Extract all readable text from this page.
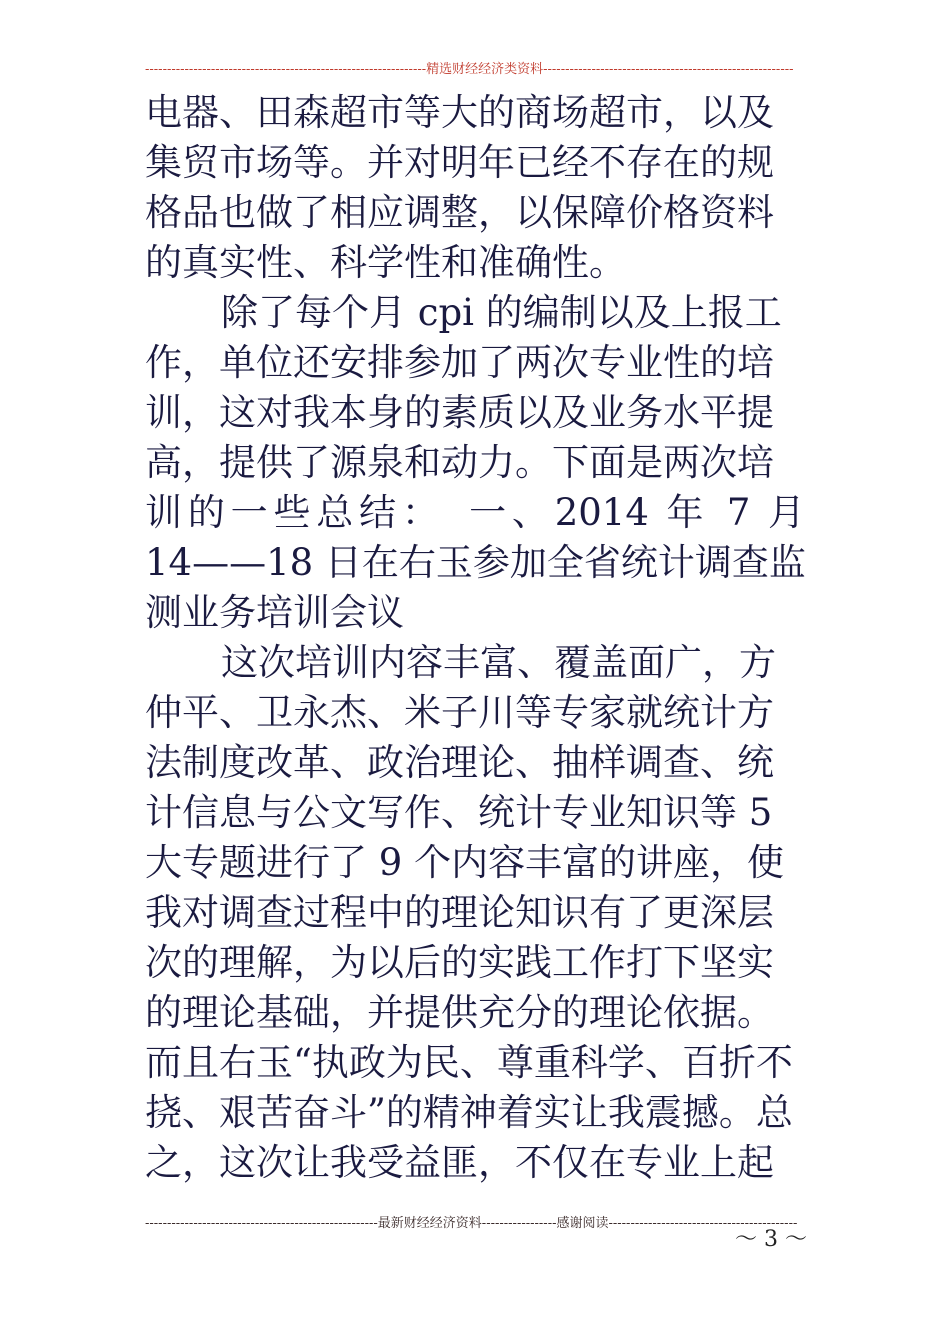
----------------------------------------------------------------精选财经经济类资料---------------------------------------------------------
电器、田森超市等大的商场超市，以及
集贸市场等。并对明年已经不存在的规
格品也做了相应调整，以保障价格资料
的真实性、科学性和准确性。
除了每个月 cpi 的编制以及上报工
作，单位还安排参加了两次专业性的培
训，这对我本身的素质以及业务水平提
高，提供了源泉和动力。下面是两次培
训的一些总结：　一、2014 年 7 月
14——18 日在右玉参加全省统计调查监
测业务培训会议
这次培训内容丰富、覆盖面广，方
仲平、卫永杰、米子川等专家就统计方
法制度改革、政治理论、抽样调查、统
计信息与公文写作、统计专业知识等 5
大专题进行了 9 个内容丰富的讲座，使
我对调查过程中的理论知识有了更深层
次的理解，为以后的实践工作打下坚实
的理论基础，并提供充分的理论依据。
而且右玉“执政为民、尊重科学、百折不
挠、艰苦奋斗”的精神着实让我震撼。总
之，这次让我受益匪，不仅在专业上起
-----------------------------------------------------最新财经经济资料-----------------感谢阅读-------------------------------------------
～ 3 ～
